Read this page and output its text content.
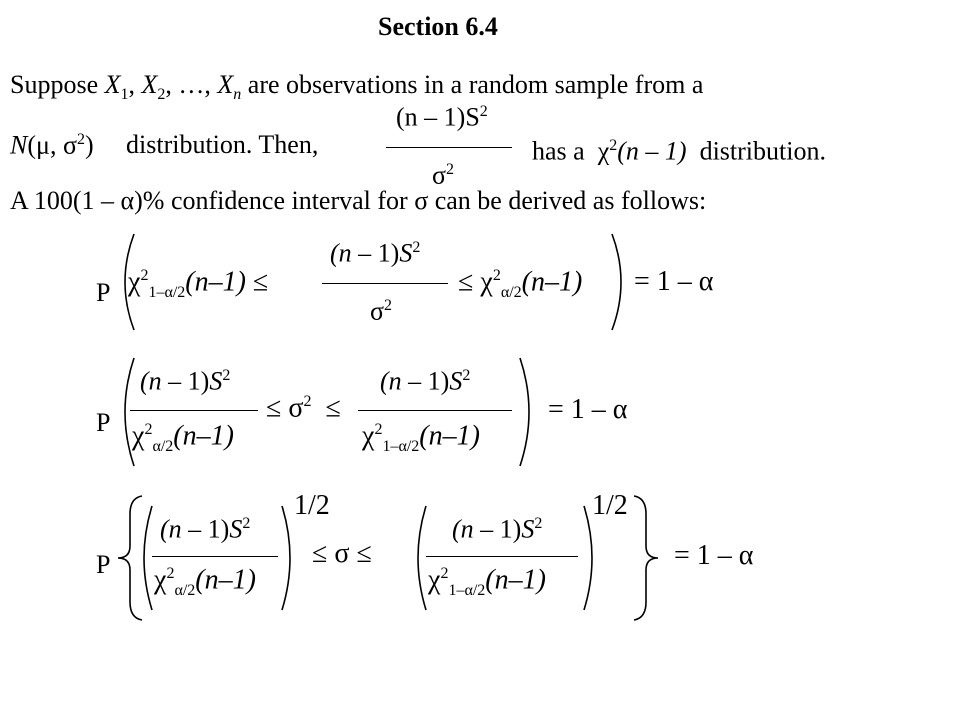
Section 6.4
Suppose $X_1$, $X_2$, …, $X_n$ are observations in a random sample from a
N(μ, $\sigma^2$) distribution. Then,
$(n - 1)S^2$
$\sigma^2$
has a $\chi^2(n - 1)$ distribution.
A 100(1 – α)% confidence interval for σ can be derived as follows:
P $\chi^2_{1-\alpha/2}(n-1)$ ≤
$(n - 1)S^2$
$\sigma^2$
≤ $\chi^2_{\alpha/2}(n-1) = 1 - \alpha$
P
$(n - 1)S^2$
$\chi^2_{\alpha/2}(n-1)$
≤ $\sigma^2$ ≤
$(n - 1)S^2$
$\chi^2_{1-\alpha/2}(n-1)$
= 1 – α
P
$(n - 1)S^2$
$\chi^2_{\alpha/2}(n-1)$
1/2
≤ σ ≤
$(n - 1)S^2$
$\chi^2_{1-\alpha/2}(n-1)$
1/2
= 1 – α
